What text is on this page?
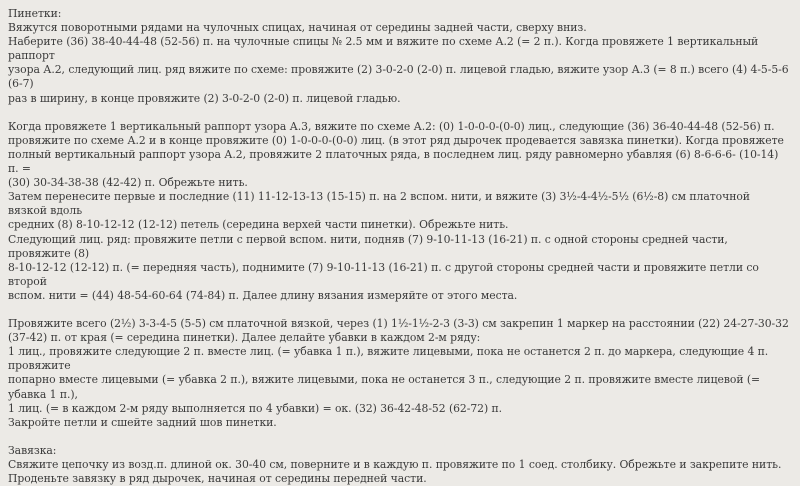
Пинетки:
Вяжутся поворотными рядами на чулочных спицах, начиная от середины задней части, сверху вниз.
Наберите (36) 38-40-44-48 (52-56) п. на чулочные спицы № 2.5 мм и вяжите по схеме А.2 (= 2 п.). Когда провяжете 1 вертикальный раппорт
узора А.2, следующий лиц. ряд вяжите по схеме: провяжите (2) 3-0-2-0 (2-0) п. лицевой гладью, вяжите узор А.3 (= 8 п.) всего (4) 4-5-5-6 (6-7)
раз в ширину, в конце провяжите (2) 3-0-2-0 (2-0) п. лицевой гладью.
Когда провяжете 1 вертикальный раппорт узора А.3, вяжите по схеме А.2: (0) 1-0-0-0-(0-0) лиц., следующие (36) 36-40-44-48 (52-56) п.
провяжите по схеме А.2 и в конце провяжите (0) 1-0-0-0-(0-0) лиц. (в этот ряд дырочек продевается завязка пинетки). Когда провяжете
полный вертикальный раппорт узора А.2, провяжите 2 платочных ряда, в последнем лиц. ряду равномерно убавляя (6) 8-6-6-6- (10-14) п. =
(30) 30-34-38-38 (42-42) п. Обрежьте нить.
Затем перенесите первые и последние (11) 11-12-13-13 (15-15) п. на 2 вспом. нити, и вяжите (3) 3½-4-4½-5½ (6½-8) см платочной вязкой вдоль
средних (8) 8-10-12-12 (12-12) петель (середина верхей части пинетки). Обрежьте нить.
Следующий лиц. ряд: провяжите петли с первой вспом. нити, подняв (7) 9-10-11-13 (16-21) п. с одной стороны средней части, провяжите (8)
8-10-12-12 (12-12) п. (= передняя часть), поднимите (7) 9-10-11-13 (16-21) п. с другой стороны средней части и провяжите петли со второй
вспом. нити = (44) 48-54-60-64 (74-84) п. Далее длину вязания измеряйте от этого места.
Провяжите всего (2½) 3-3-4-5 (5-5) см платочной вязкой, через (1) 1½-1½-2-3 (3-3) см закрепин 1 маркер на расстоянии (22) 24-27-30-32
(37-42) п. от края (= середина пинетки). Далее делайте убавки в каждом 2-м ряду:
1 лиц., провяжите следующие 2 п. вместе лиц. (= убавка 1 п.), вяжите лицевыми, пока не останется 2 п. до маркера, следующие 4 п. провяжите
попарно вместе лицевыми (= убавка 2 п.), вяжите лицевыми, пока не останется 3 п., следующие 2 п. провяжите вместе лицевой (= убавка 1 п.),
1 лиц. (= в каждом 2-м ряду выполняется по 4 убавки) = ок. (32) 36-42-48-52 (62-72) п.
Закройте петли и сшейте задний шов пинетки.
Завязка:
Свяжите цепочку из возд.п. длиной ок. 30-40 см, поверните и в каждую п. провяжите по 1 соед. столбику. Обрежьте и закрепите нить.
Проденьте завязку в ряд дырочек, начиная от середины передней части.
